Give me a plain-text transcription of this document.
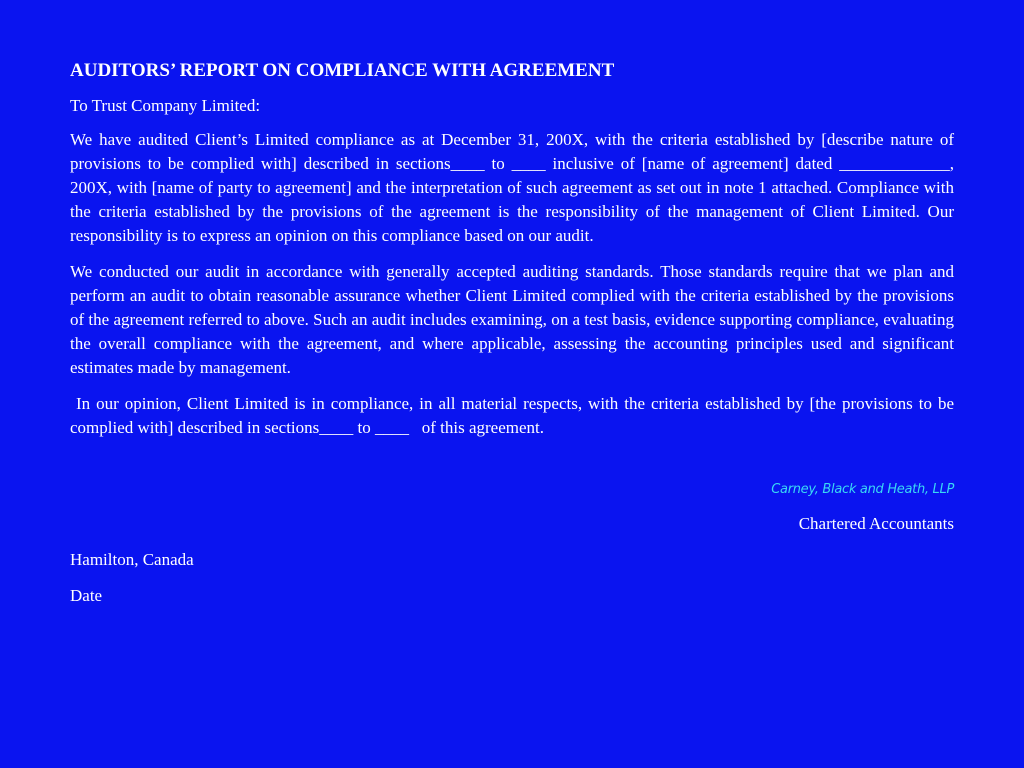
AUDITORS’ REPORT ON COMPLIANCE WITH AGREEMENT
To Trust Company Limited:
We have audited Client’s Limited compliance as at December 31, 200X, with the criteria established by [describe nature of provisions to be complied with] described in sections____ to ____ inclusive of [name of agreement] dated _____________, 200X, with [name of party to agreement] and the interpretation of such agreement as set out in note 1 attached. Compliance with the criteria established by the provisions of the agreement is the responsibility of the management of Client Limited. Our responsibility is to express an opinion on this compliance based on our audit.
We conducted our audit in accordance with generally accepted auditing standards. Those standards require that we plan and perform an audit to obtain reasonable assurance whether Client Limited complied with the criteria established by the provisions of the agreement referred to above. Such an audit includes examining, on a test basis, evidence supporting compliance, evaluating the overall compliance with the agreement, and where applicable, assessing the accounting principles used and significant estimates made by management.
In our opinion, Client Limited is in compliance, in all material respects, with the criteria established by [the provisions to be complied with] described in sections____ to ____   of this agreement.
Carney, Black and Heath, LLP
Chartered Accountants
Hamilton, Canada
Date
